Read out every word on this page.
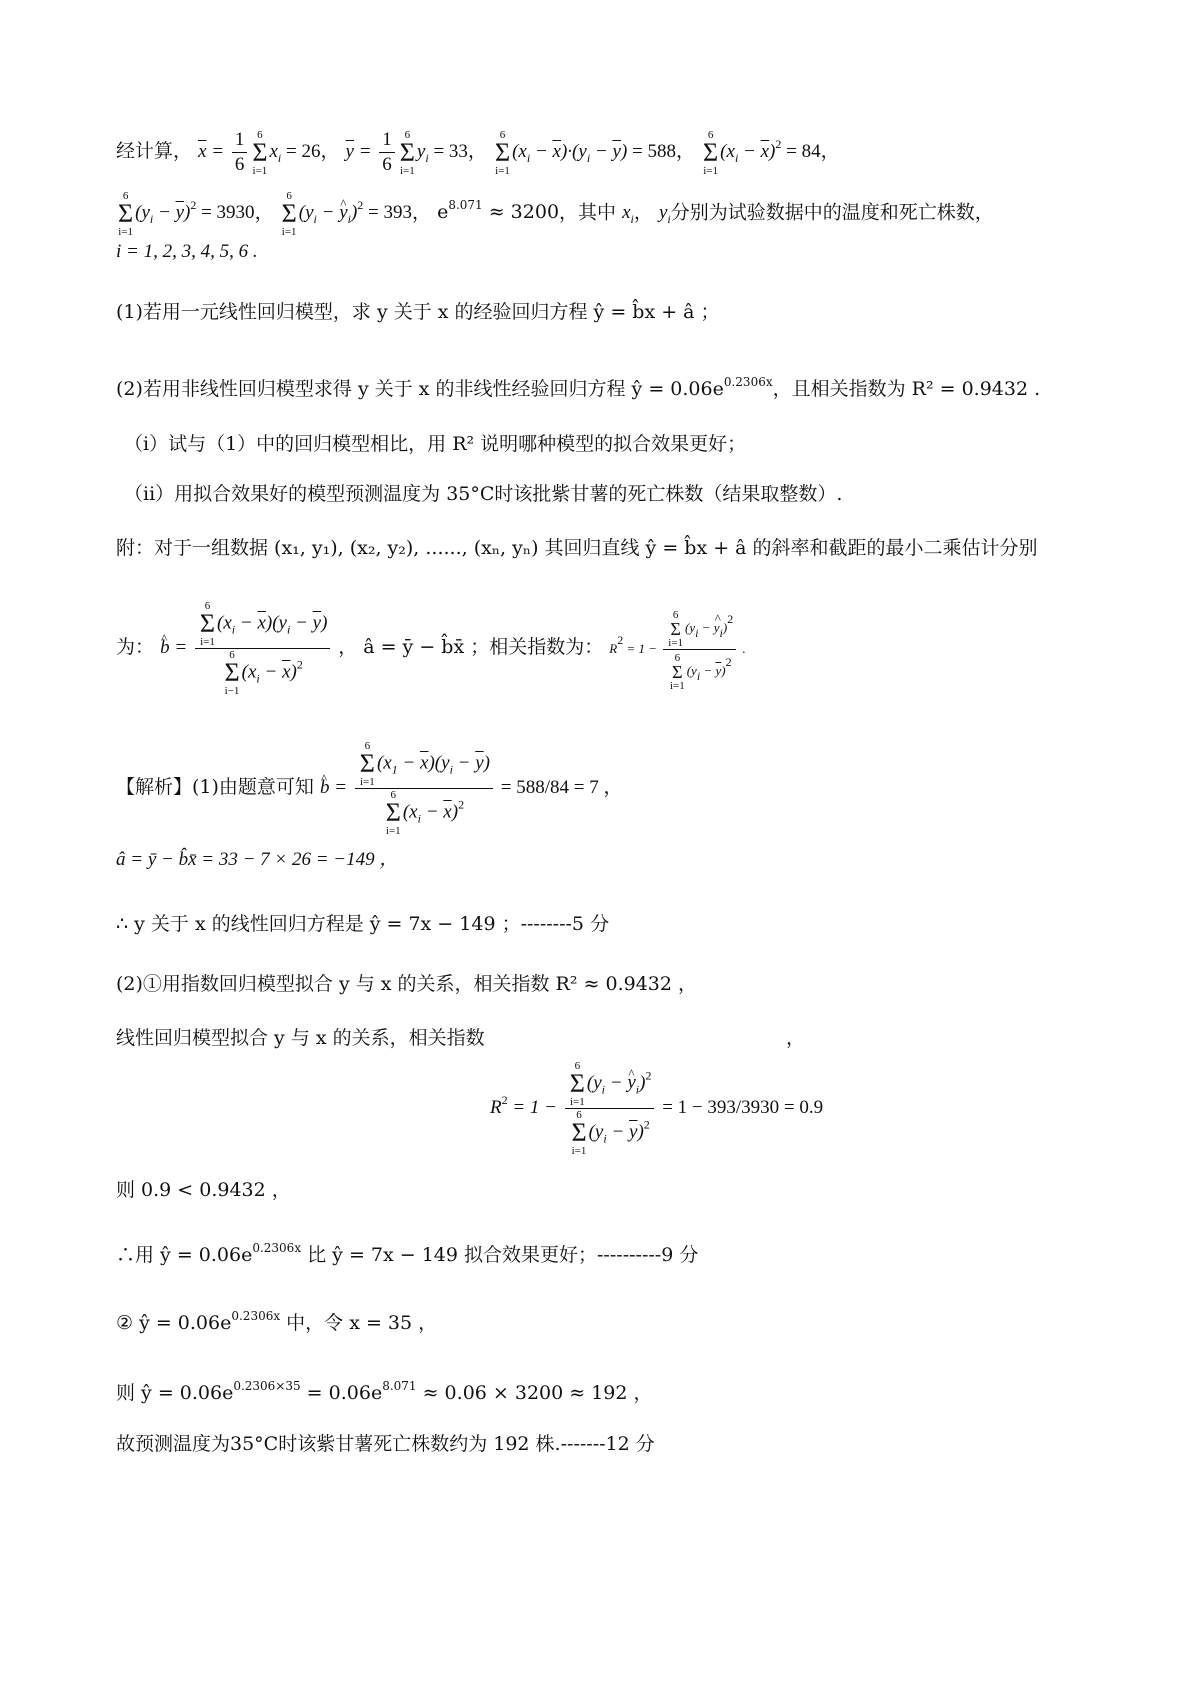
经计算， $\overline{x} = \frac{1}{6} 6$
Σ
i=1
$x_i = 26$， $\overline{y} = \frac{1}{6} 6$
Σ
i=1
$y_i = 33$，
6
Σ
i=1
$(x_i - \overline{x})\cdot(y_i - \overline{y}) = 588$，
6
Σ
i=1
$(x_i - \overline{x})^2 = 84$，
6
Σ
i=1
$(y_i - \overline{y})^2 = 3930$，
6
Σ
i=1
($y_i$ − ^ $y_i)^2 = 393$， $e^{8.071} \approx 3200$，其中 $x_i$， $y_i$分别为试验数据中的温度和死亡株数，
i = 1, 2, 3, 4, 5, 6 .
(1)若用一元线性回归模型，求 y 关于 x 的经验回归方程 ŷ = b̂x + â ；
(2)若用非线性回归模型求得 y 关于 x 的非线性经验回归方程 ŷ = $0.06e^{0.2306x}$，且相关指数为 R² = 0.9432 .
（i）试与（1）中的回归模型相比，用 R² 说明哪种模型的拟合效果更好；
（ii）用拟合效果好的模型预测温度为 35°C时该批紫甘薯的死亡株数（结果取整数）.
附：对于一组数据 (x₁, y₁), (x₂, y₂), ......, (xₙ, yₙ) 其回归直线 ŷ = b̂x + â 的斜率和截距的最小二乘估计分别
为： ^ b = 6
Σ
i=1
$(x_i - \overline{x})(y_i - \overline{y})$
6
Σ
i−1
$(x_i - \overline{x})^2$ ， â = ȳ − b̂x̄ ；相关指数为： R2 = 1 − 6
Σ
i=1
(yi − ^ yi)2
6
Σ
i=1
$(yi - \overline{y})2$ .
【解析】(1)由题意可知 ^ b = 6
Σ
i=1
$(x_1 - \overline{x})(y_i - \overline{y})$
6
Σ
i=1
$(x_i - \overline{x})^2 = 588/84 = 7$ ，
â = ȳ − b̂x̄ = 33 − 7 × 26 = −149 ，
∴ y 关于 x 的线性回归方程是 ŷ = 7x − 149 ；--------5 分
(2)①用指数回归模型拟合 y 与 x 的关系，相关指数 R² ≈ 0.9432 ，
线性回归模型拟合 y 与 x 的关系，相关指数	，
$R^2 = 1 - 6$
Σ
i=1
($y_i$ − ^ $y_i)^2$
6
Σ
i=1
$(y_i - \overline{y})^2 = 1 - 393/3930 = 0.9$
则 0.9 < 0.9432 ，
∴用 ŷ = $0.06e^{0.2306x}$ 比 ŷ = 7x − 149 拟合效果更好；----------9 分
② ŷ = $0.06e^{0.2306x}$ 中，令 x = 35 ，
则 ŷ = $0.06e^{0.2306\times 35} = 0.06e^{8.071} \approx 0.06 \times 3200 \approx 192$ ，
故预测温度为35°C时该紫甘薯死亡株数约为 192 株.-------12 分
